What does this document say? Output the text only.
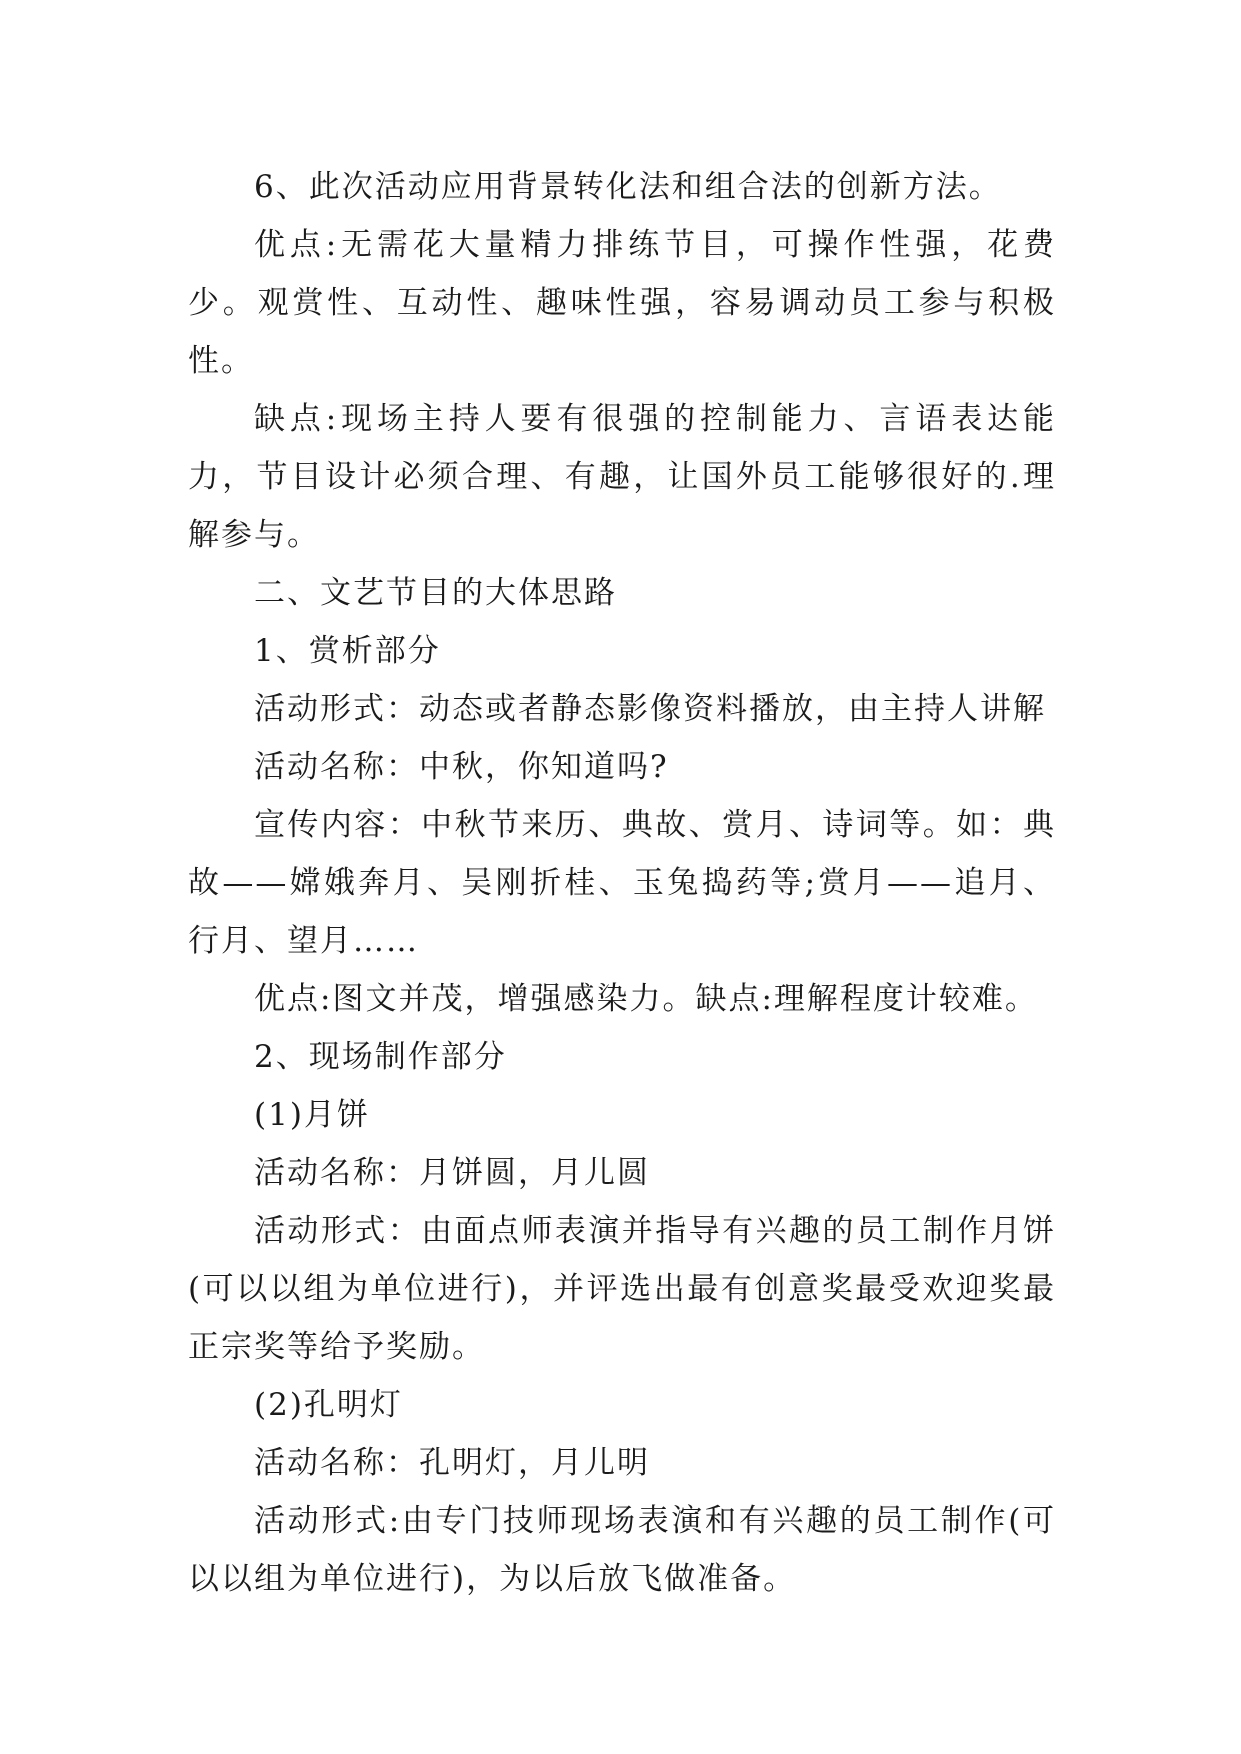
6、此次活动应用背景转化法和组合法的创新方法。

优点:无需花大量精力排练节目，可操作性强，花费少。观赏性、互动性、趣味性强，容易调动员工参与积极性。

缺点:现场主持人要有很强的控制能力、言语表达能力，节目设计必须合理、有趣，让国外员工能够很好的.理解参与。

二、文艺节目的大体思路

1、赏析部分

活动形式：动态或者静态影像资料播放，由主持人讲解

活动名称：中秋，你知道吗?

宣传内容：中秋节来历、典故、赏月、诗词等。如：典故——嫦娥奔月、吴刚折桂、玉兔捣药等;赏月——追月、行月、望月……

优点:图文并茂，增强感染力。缺点:理解程度计较难。

2、现场制作部分

(1)月饼

活动名称：月饼圆，月儿圆

活动形式：由面点师表演并指导有兴趣的员工制作月饼(可以以组为单位进行)，并评选出最有创意奖最受欢迎奖最正宗奖等给予奖励。

(2)孔明灯

活动名称：孔明灯，月儿明

活动形式:由专门技师现场表演和有兴趣的员工制作(可以以组为单位进行)，为以后放飞做准备。
